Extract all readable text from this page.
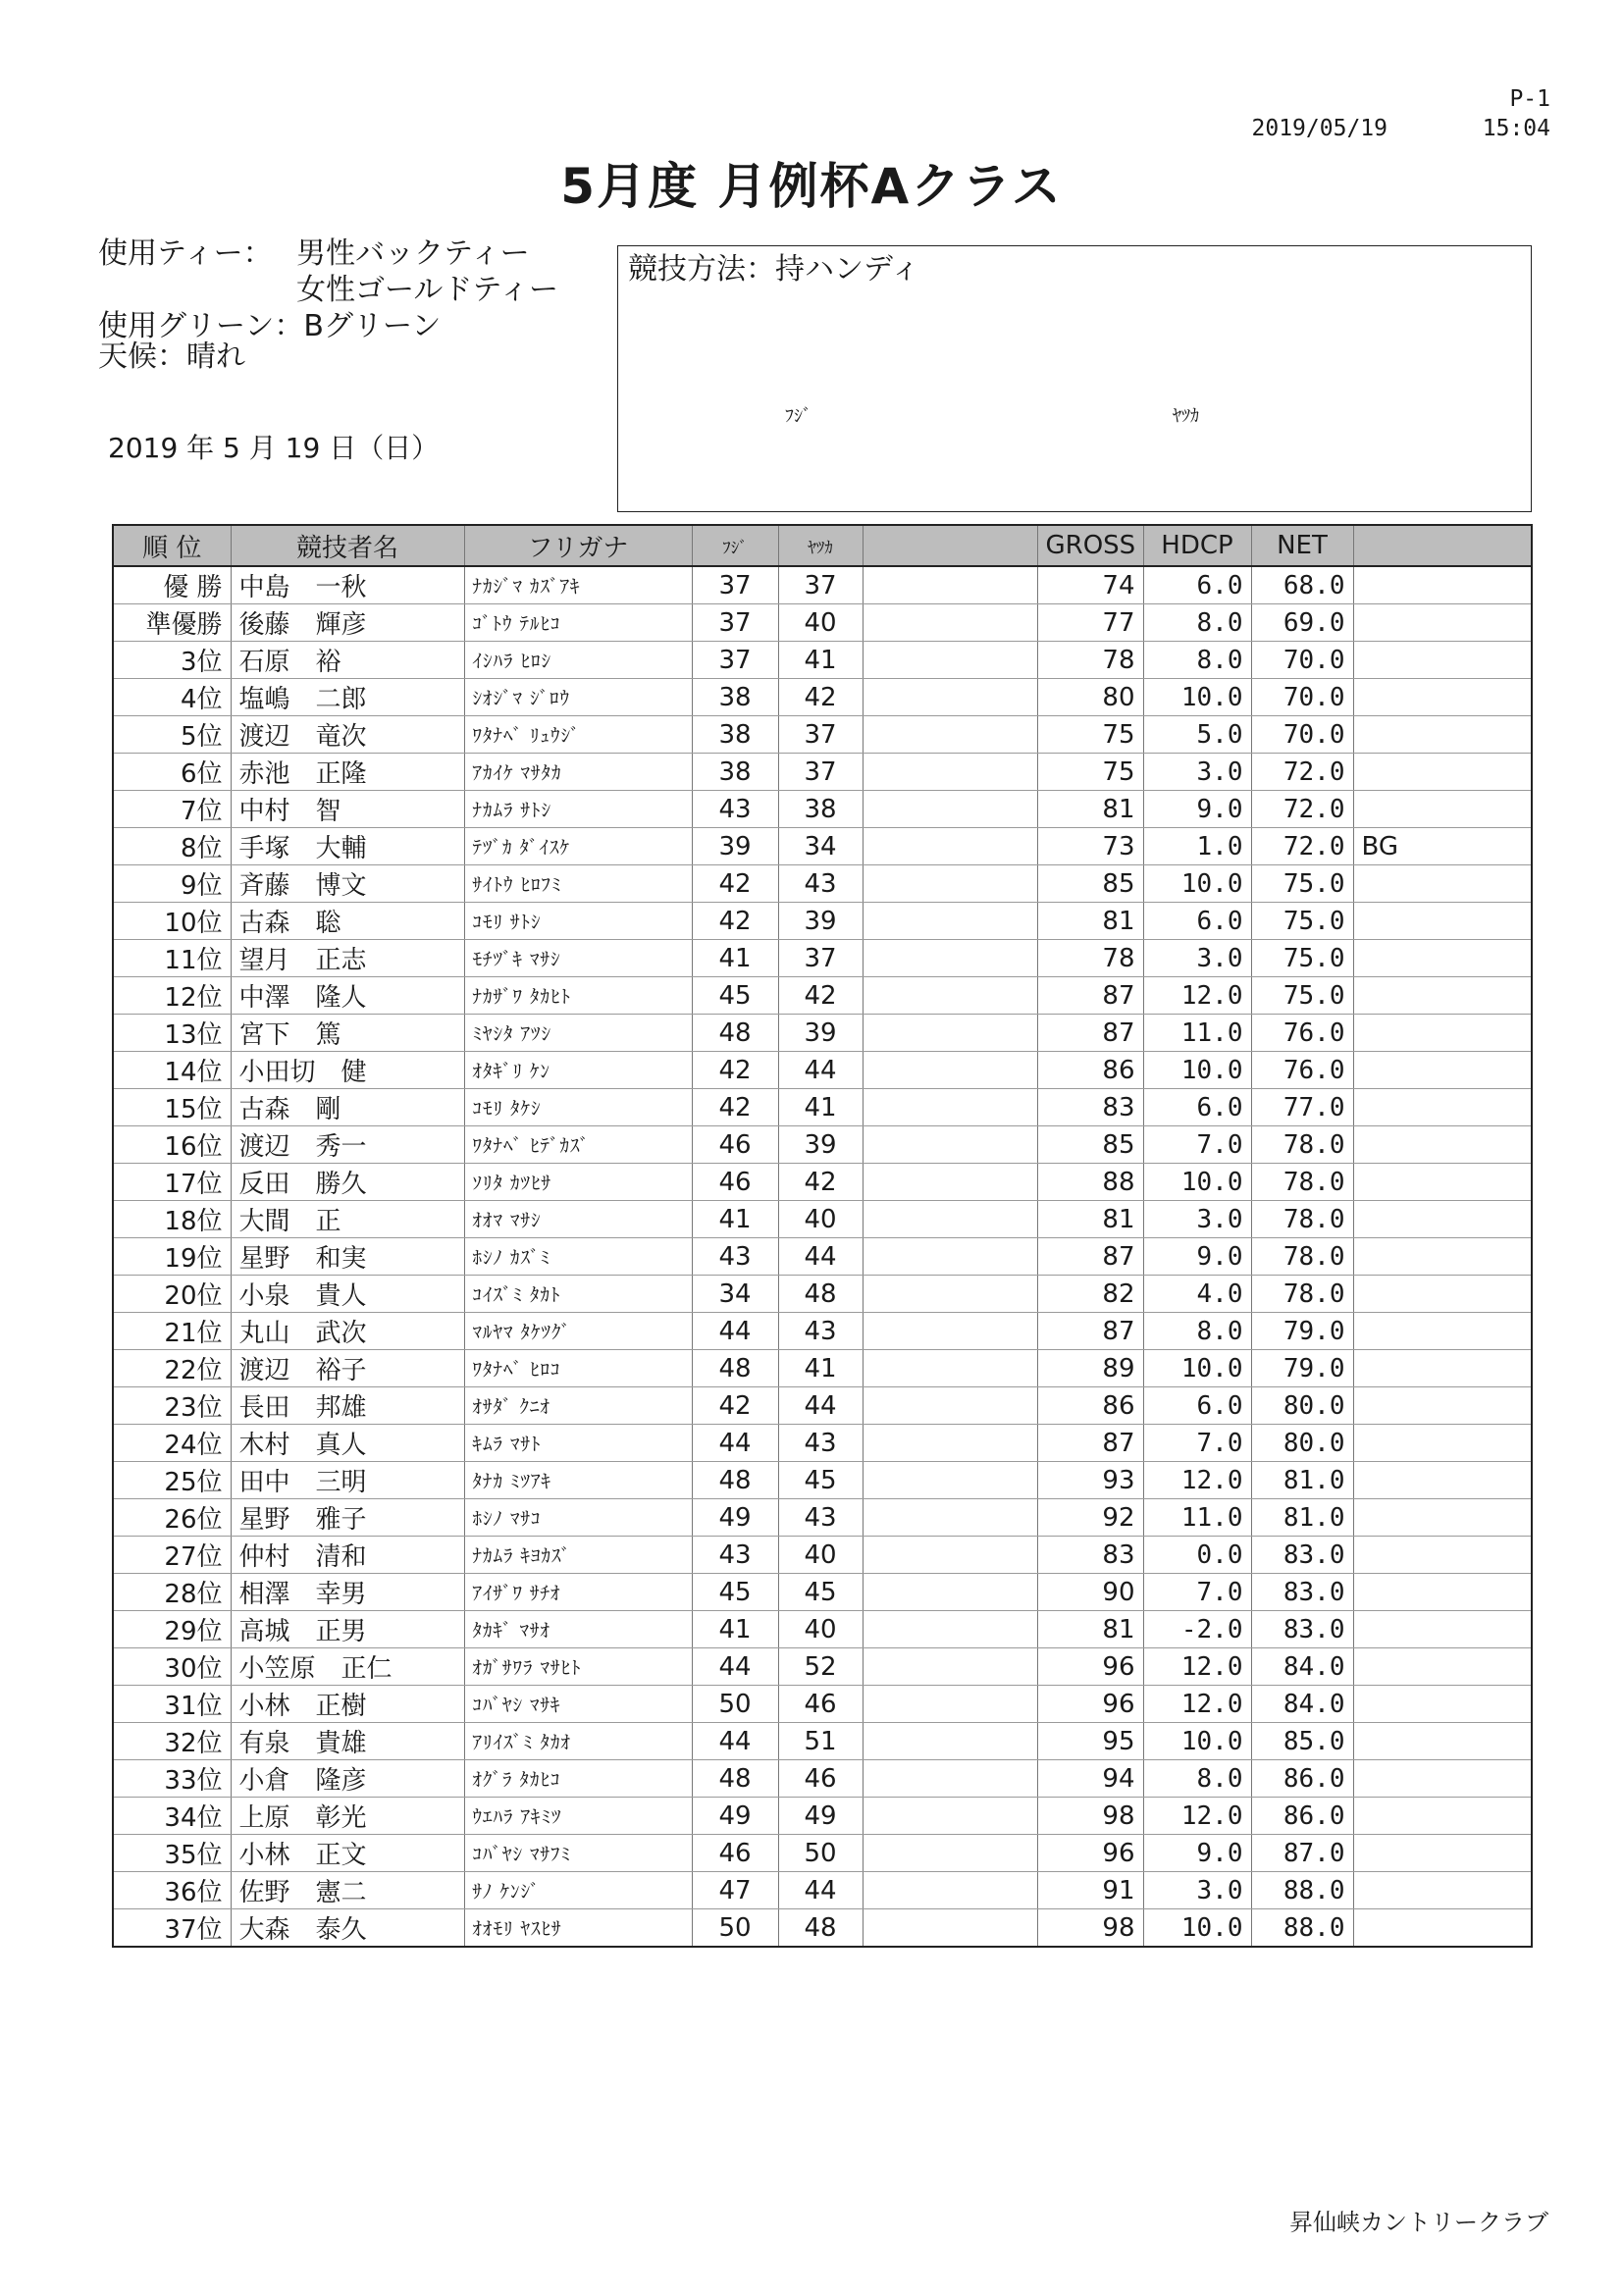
P-1
2019/05/19	15:04
5月度 月例杯Aクラス
使用ティー： 男性バックティー
女性ゴールドティー
使用グリーン：Bグリーン
天候：晴れ
2019 年 5 月 19 日（日）
競技方法：持ハンディ
ﾌｼﾞ	ﾔﾂｶ
順 位	競技者名	フリガナ	ﾌｼﾞ	ﾔﾂｶ		GROSS	HDCP	NET	
優 勝	中島　一秋	ﾅｶｼﾞﾏ ｶｽﾞｱｷ	37	37		74	6.0	68.0	
準優勝	後藤　輝彦	ｺﾞﾄｳ ﾃﾙﾋｺ	37	40		77	8.0	69.0	
3位	石原　裕	ｲｼﾊﾗ ﾋﾛｼ	37	41		78	8.0	70.0	
4位	塩嶋　二郎	ｼｵｼﾞﾏ ｼﾞﾛｳ	38	42		80	10.0	70.0	
5位	渡辺　竜次	ﾜﾀﾅﾍﾞ ﾘｭｳｼﾞ	38	37		75	5.0	70.0	
6位	赤池　正隆	ｱｶｲｹ ﾏｻﾀｶ	38	37		75	3.0	72.0	
7位	中村　智	ﾅｶﾑﾗ ｻﾄｼ	43	38		81	9.0	72.0	
8位	手塚　大輔	ﾃﾂﾞｶ ﾀﾞｲｽｹ	39	34		73	1.0	72.0	BG
9位	斉藤　博文	ｻｲﾄｳ ﾋﾛﾌﾐ	42	43		85	10.0	75.0	
10位	古森　聡	ｺﾓﾘ ｻﾄｼ	42	39		81	6.0	75.0	
11位	望月　正志	ﾓﾁﾂﾞｷ ﾏｻｼ	41	37		78	3.0	75.0	
12位	中澤　隆人	ﾅｶｻﾞﾜ ﾀｶﾋﾄ	45	42		87	12.0	75.0	
13位	宮下　篤	ﾐﾔｼﾀ ｱﾂｼ	48	39		87	11.0	76.0	
14位	小田切　健	ｵﾀｷﾞﾘ ｹﾝ	42	44		86	10.0	76.0	
15位	古森　剛	ｺﾓﾘ ﾀｹｼ	42	41		83	6.0	77.0	
16位	渡辺　秀一	ﾜﾀﾅﾍﾞ ﾋﾃﾞｶｽﾞ	46	39		85	7.0	78.0	
17位	反田　勝久	ｿﾘﾀ ｶﾂﾋｻ	46	42		88	10.0	78.0	
18位	大間　正	ｵｵﾏ ﾏｻｼ	41	40		81	3.0	78.0	
19位	星野　和実	ﾎｼﾉ ｶｽﾞﾐ	43	44		87	9.0	78.0	
20位	小泉　貴人	ｺｲｽﾞﾐ ﾀｶﾄ	34	48		82	4.0	78.0	
21位	丸山　武次	ﾏﾙﾔﾏ ﾀｹﾂｸﾞ	44	43		87	8.0	79.0	
22位	渡辺　裕子	ﾜﾀﾅﾍﾞ ﾋﾛｺ	48	41		89	10.0	79.0	
23位	長田　邦雄	ｵｻﾀﾞ ｸﾆｵ	42	44		86	6.0	80.0	
24位	木村　真人	ｷﾑﾗ ﾏｻﾄ	44	43		87	7.0	80.0	
25位	田中　三明	ﾀﾅｶ ﾐﾂｱｷ	48	45		93	12.0	81.0	
26位	星野　雅子	ﾎｼﾉ ﾏｻｺ	49	43		92	11.0	81.0	
27位	仲村　清和	ﾅｶﾑﾗ ｷﾖｶｽﾞ	43	40		83	0.0	83.0	
28位	相澤　幸男	ｱｲｻﾞﾜ ｻﾁｵ	45	45		90	7.0	83.0	
29位	高城　正男	ﾀｶｷﾞ ﾏｻｵ	41	40		81	-2.0	83.0	
30位	小笠原　正仁	ｵｶﾞｻﾜﾗ ﾏｻﾋﾄ	44	52		96	12.0	84.0	
31位	小林　正樹	ｺﾊﾞﾔｼ ﾏｻｷ	50	46		96	12.0	84.0	
32位	有泉　貴雄	ｱﾘｲｽﾞﾐ ﾀｶｵ	44	51		95	10.0	85.0	
33位	小倉　隆彦	ｵｸﾞﾗ ﾀｶﾋｺ	48	46		94	8.0	86.0	
34位	上原　彰光	ｳｴﾊﾗ ｱｷﾐﾂ	49	49		98	12.0	86.0	
35位	小林　正文	ｺﾊﾞﾔｼ ﾏｻﾌﾐ	46	50		96	9.0	87.0	
36位	佐野　憲二	ｻﾉ ｹﾝｼﾞ	47	44		91	3.0	88.0	
37位	大森　泰久	ｵｵﾓﾘ ﾔｽﾋｻ	50	48		98	10.0	88.0	
昇仙峡カントリークラブ
